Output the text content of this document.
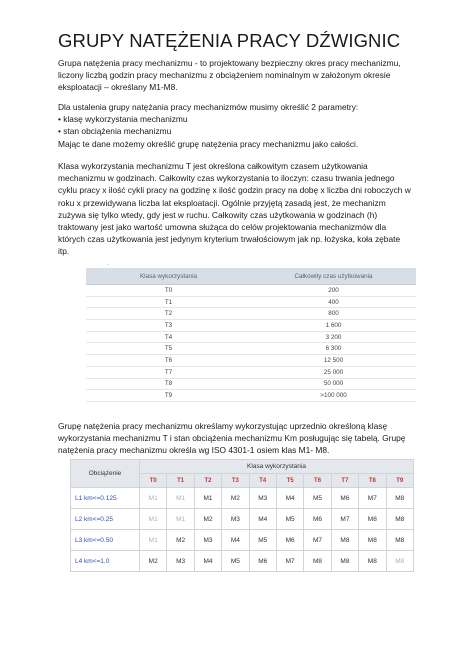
GRUPY NATĘŻENIA PRACY DŹWIGNIC
Grupa natężenia pracy mechanizmu - to projektowany bezpieczny okres pracy mechanizmu,
liczony liczbą godzin pracy mechanizmu z obciążeniem nominalnym w założonym okresie
eksploatacji – określany M1-M8.
Dla ustalenia grupy natężania pracy mechanizmów musimy określić 2 parametry:
• klasę wykorzystania mechanizmu
• stan obciążenia mechanizmu
Mając te dane możemy określić grupę natężenia pracy mechanizmu jako całości.
Klasa wykorzystania mechanizmu T jest określona całkowitym czasem użytkowania
mechanizmu w godzinach. Całkowity czas wykorzystania to iloczyn: czasu trwania jednego
cyklu pracy x ilość cykli pracy na godzinę x ilość godzin pracy na dobę x liczba dni roboczych w
roku x przewidywana liczba lat eksploatacji. Ogólnie przyjętą zasadą jest, że mechanizm
zużywa się tylko wtedy, gdy jest w ruchu. Całkowity czas użytkowania w godzinach (h)
traktowany jest jako wartość umowna służąca do celów projektowania mechanizmów dla
których czas użytkowania jest jedynym kryterium trwałościowym jak np. łożyska, koła zębate
itp.
.
Klasa wykorzystania	Całkowity czas użytkowania
T0	200
T1	400
T2	800
T3	1 600
T4	3 200
T5	6 300
T6	12 500
T7	25 000
T8	50 000
T9	>100 000
Grupę natężenia pracy mechanizmu określamy wykorzystując uprzednio określoną klasę
wykorzystania mechanizmu T i stan obciążenia mechanizmu Km posługując się tabelą. Grupę
natężenia pracy mechanizmu określa wg ISO 4301-1 osiem klas M1- M8.
Obciążenie	Klasa wykorzystania									
	T0	T1	T2	T3	T4	T5	T6	T7	T8	T9
L1 km<=0.125	M1	M1	M1	M2	M3	M4	M5	M6	M7	M8
L2 km<=0.25	M1	M1	M2	M3	M4	M5	M6	M7	M8	M8
L3 km<=0.50	M1	M2	M3	M4	M5	M6	M7	M8	M8	M8
L4 km<=1.0	M2	M3	M4	M5	M6	M7	M8	M8	M8	M8
